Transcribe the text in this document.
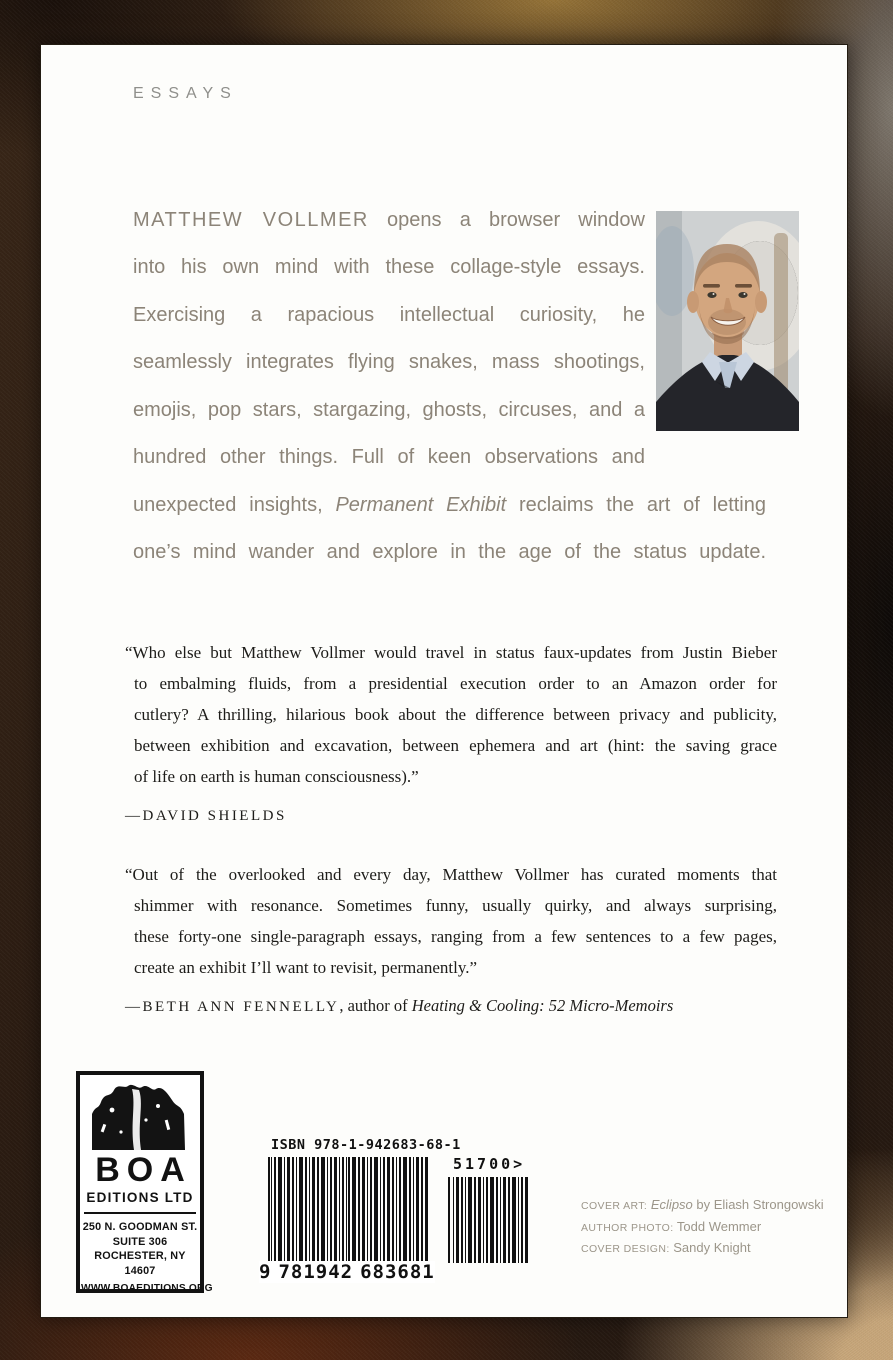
ESSAYS
MATTHEW VOLLMER opens a browser window
into his own mind with these collage-style essays.
Exercising a rapacious intellectual curiosity, he
seamlessly integrates flying snakes, mass shootings,
emojis, pop stars, stargazing, ghosts, circuses, and a
hundred other things. Full of keen observations and
unexpected insights, Permanent Exhibit reclaims the art of letting
one’s mind wander and explore in the age of the status update.
“Who else but Matthew Vollmer would travel in status faux-updates from Justin Bieber
to embalming fluids, from a presidential execution order to an Amazon order for
cutlery? A thrilling, hilarious book about the difference between privacy and publicity,
between exhibition and excavation, between ephemera and art (hint: the saving grace
of life on earth is human consciousness).”
—DAVID SHIELDS
“Out of the overlooked and every day, Matthew Vollmer has curated moments that
shimmer with resonance. Sometimes funny, usually quirky, and always surprising,
these forty-one single-paragraph essays, ranging from a few sentences to a few pages,
create an exhibit I’ll want to revisit, permanently.”
—BETH ANN FENNELLY, author of Heating & Cooling: 52 Micro-Memoirs
BOA
EDITIONS LTD
250 N. GOODMAN ST.
SUITE 306
ROCHESTER, NY 14607
WWW.BOAEDITIONS.ORG
ISBN 978-1-942683-68-1
9 781942 683681
51700>
COVER ART: Eclipso by Eliash Strongowski
AUTHOR PHOTO: Todd Wemmer
COVER DESIGN: Sandy Knight
